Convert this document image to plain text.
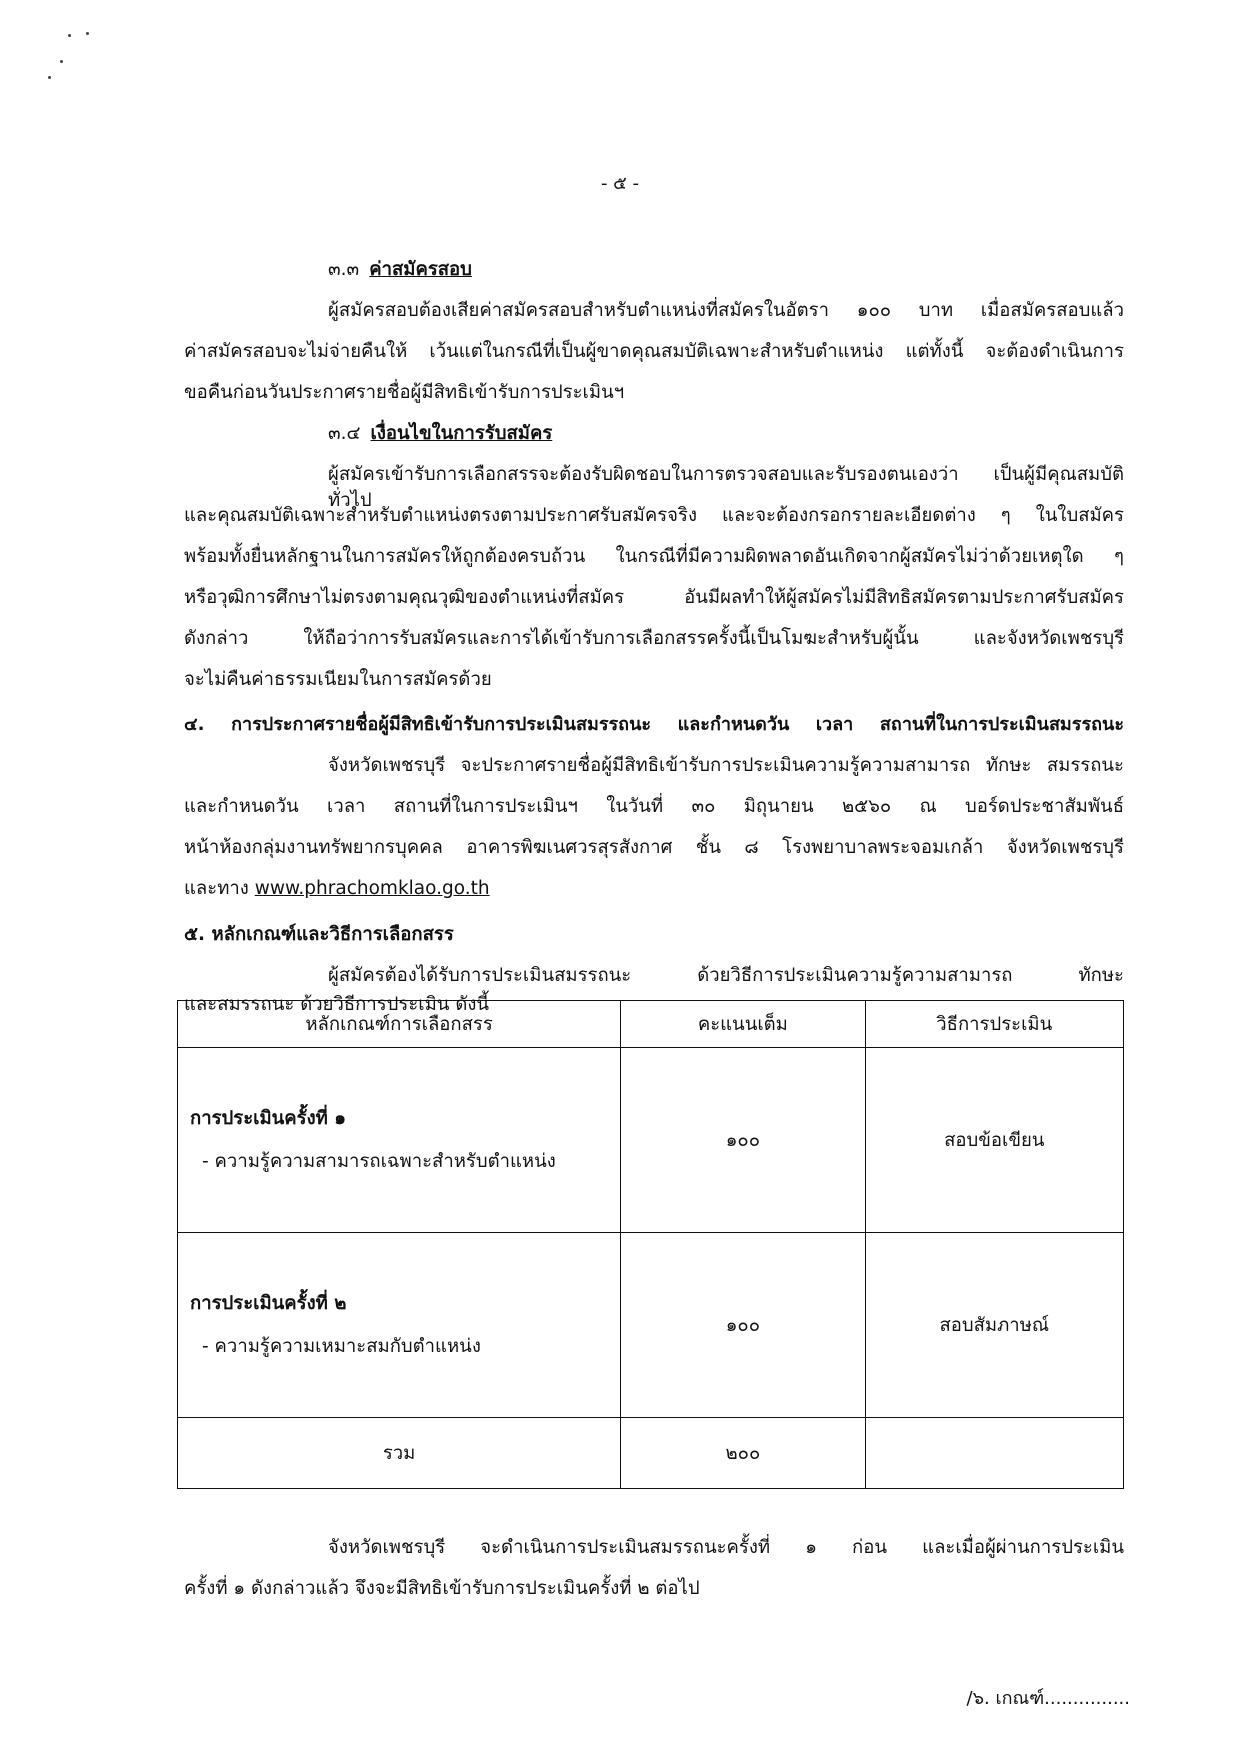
- ๕ -
๓.๓ ค่าสมัครสอบ
ผู้สมัครสอบต้องเสียค่าสมัครสอบสำหรับตำแหน่งที่สมัครในอัตรา ๑๐๐ บาท เมื่อสมัครสอบแล้ว
ค่าสมัครสอบจะไม่จ่ายคืนให้ เว้นแต่ในกรณีที่เป็นผู้ขาดคุณสมบัติเฉพาะสำหรับตำแหน่ง แต่ทั้งนี้ จะต้องดำเนินการ
ขอคืนก่อนวันประกาศรายชื่อผู้มีสิทธิเข้ารับการประเมินฯ
๓.๔ เงื่อนไขในการรับสมัคร
ผู้สมัครเข้ารับการเลือกสรรจะต้องรับผิดชอบในการตรวจสอบและรับรองตนเองว่า เป็นผู้มีคุณสมบัติทั่วไป
และคุณสมบัติเฉพาะสำหรับตำแหน่งตรงตามประกาศรับสมัครจริง และจะต้องกรอกรายละเอียดต่าง ๆ ในใบสมัคร
พร้อมทั้งยื่นหลักฐานในการสมัครให้ถูกต้องครบถ้วน ในกรณีที่มีความผิดพลาดอันเกิดจากผู้สมัครไม่ว่าด้วยเหตุใด ๆ
หรือวุฒิการศึกษาไม่ตรงตามคุณวุฒิของตำแหน่งที่สมัคร อันมีผลทำให้ผู้สมัครไม่มีสิทธิสมัครตามประกาศรับสมัคร
ดังกล่าว ให้ถือว่าการรับสมัครและการได้เข้ารับการเลือกสรรครั้งนี้เป็นโมฆะสำหรับผู้นั้น และจังหวัดเพชรบุรี
จะไม่คืนค่าธรรมเนียมในการสมัครด้วย
๔. การประกาศรายชื่อผู้มีสิทธิเข้ารับการประเมินสมรรถนะ และกำหนดวัน เวลา สถานที่ในการประเมินสมรรถนะ
จังหวัดเพชรบุรี จะประกาศรายชื่อผู้มีสิทธิเข้ารับการประเมินความรู้ความสามารถ ทักษะ สมรรถนะ
และกำหนดวัน เวลา สถานที่ในการประเมินฯ ในวันที่ ๓๐ มิถุนายน ๒๕๖๐ ณ บอร์ดประชาสัมพันธ์
หน้าห้องกลุ่มงานทรัพยากรบุคคล อาคารพิฆเนศวรสุรสังกาศ ชั้น ๘ โรงพยาบาลพระจอมเกล้า จังหวัดเพชรบุรี
และทาง www.phrachomklao.go.th
๕. หลักเกณฑ์และวิธีการเลือกสรร
ผู้สมัครต้องได้รับการประเมินสมรรถนะ ด้วยวิธีการประเมินความรู้ความสามารถ ทักษะ
และสมรรถนะ ด้วยวิธีการประเมิน ดังนี้
หลักเกณฑ์การเลือกสรร	คะแนนเต็ม	วิธีการประเมิน

การประเมินครั้งที่ ๑
- ความรู้ความสามารถเฉพาะสำหรับตำแหน่ง	๑๐๐	สอบข้อเขียน

การประเมินครั้งที่ ๒
- ความรู้ความเหมาะสมกับตำแหน่ง	๑๐๐	สอบสัมภาษณ์
รวม	๒๐๐	
จังหวัดเพชรบุรี จะดำเนินการประเมินสมรรถนะครั้งที่ ๑ ก่อน และเมื่อผู้ผ่านการประเมิน
ครั้งที่ ๑ ดังกล่าวแล้ว จึงจะมีสิทธิเข้ารับการประเมินครั้งที่ ๒ ต่อไป
/๖. เกณฑ์...............
